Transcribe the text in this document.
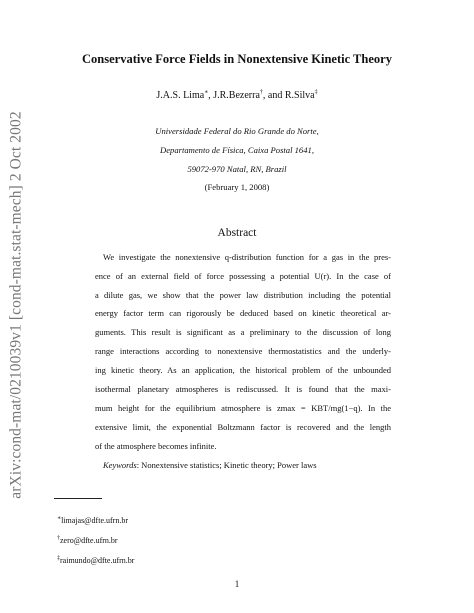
arXiv:cond-mat/0210039v1 [cond-mat.stat-mech] 2 Oct 2002
Conservative Force Fields in Nonextensive Kinetic Theory
J.A.S. Lima∗, J.R.Bezerra†, and R.Silva‡
Universidade Federal do Rio Grande do Norte,
Departamento de Física, Caixa Postal 1641,
59072-970 Natal, RN, Brazil
(February 1, 2008)
Abstract
We investigate the nonextensive q-distribution function for a gas in the pres-
ence of an external field of force possessing a potential U(r). In the case of
a dilute gas, we show that the power law distribution including the potential
energy factor term can rigorously be deduced based on kinetic theoretical ar-
guments. This result is significant as a preliminary to the discussion of long
range interactions according to nonextensive thermostatistics and the underly-
ing kinetic theory. As an application, the historical problem of the unbounded
isothermal planetary atmospheres is rediscussed. It is found that the maxi-
mum height for the equilibrium atmosphere is zmax = KBT/mg(1−q). In the
extensive limit, the exponential Boltzmann factor is recovered and the length
of the atmosphere becomes infinite.
Keywords: Nonextensive statistics; Kinetic theory; Power laws
∗limajas@dfte.ufrn.br
†zero@dfte.ufrn.br
‡raimundo@dfte.ufrn.br
1
